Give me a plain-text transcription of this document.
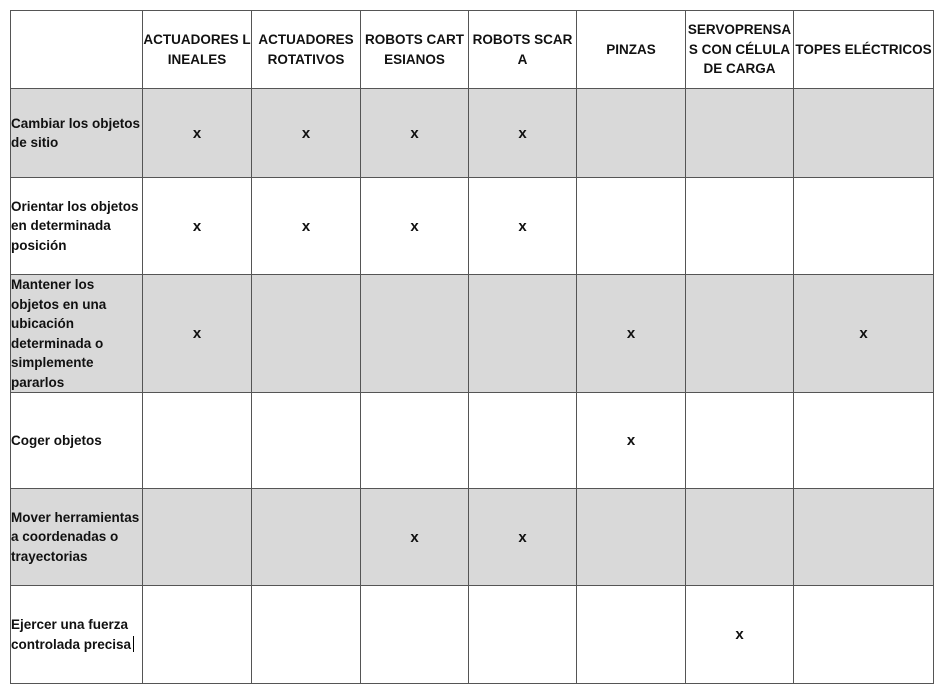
	ACTUADORES LINEALES	ACTUADORES ROTATIVOS	ROBOTS CARTESIANOS	ROBOTS SCARA	PINZAS	SERVOPRENSAS CON CÉLULA DE CARGA	TOPES ELÉCTRICOS
Cambiar los objetos de sitio	x	x	x	x			
Orientar los objetos en determinada posición	x	x	x	x			
Mantener los objetos en una ubicación determinada o simplemente pararlos	x				x		x
Coger objetos					x		
Mover herramientas a coordenadas o trayectorias			x	x			
Ejercer una fuerza controlada precisa						x	
